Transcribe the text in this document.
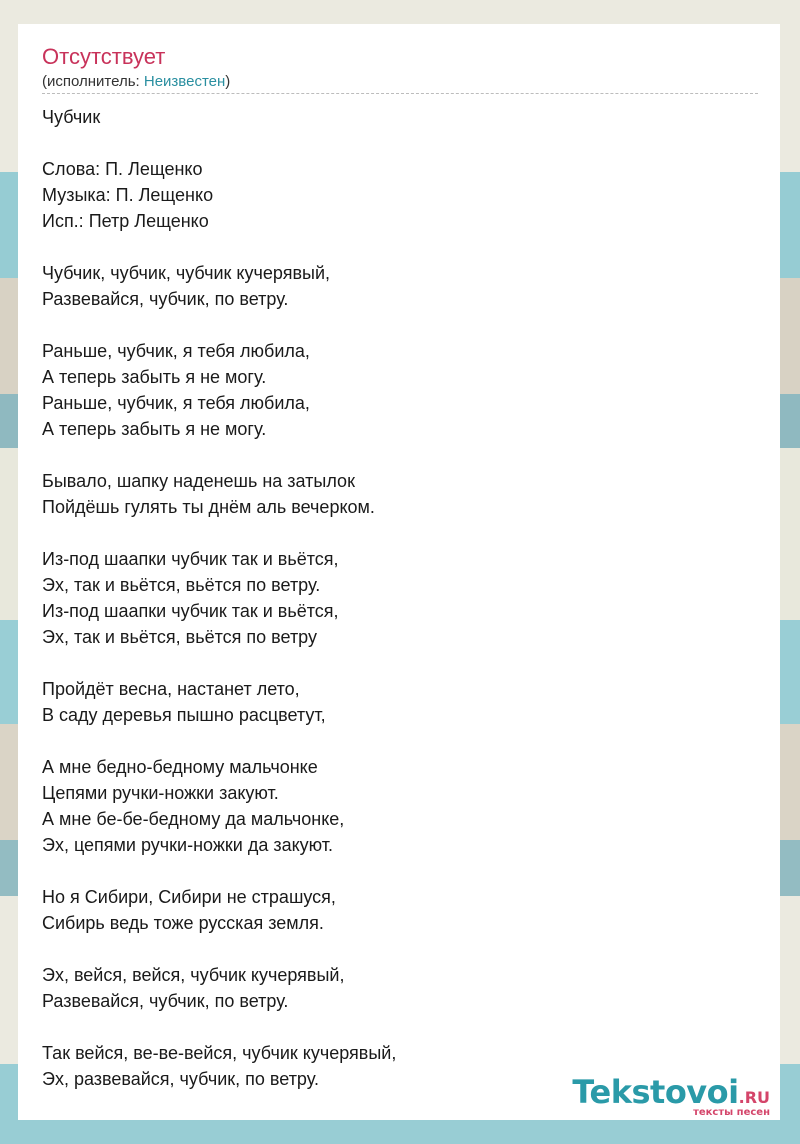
Отсутствует
(исполнитель: Неизвестен)
Чубчик
Слова: П. Лещенко
Музыка: П. Лещенко
Исп.: Петр Лещенко
Чубчик, чубчик, чубчик кучерявый,
Развевайся, чубчик, по ветру.
Раньше, чубчик, я тебя любила,
А теперь забыть я не могу.
Раньше, чубчик, я тебя любила,
А теперь забыть я не могу.
Бывало, шапку наденешь на затылок
Пойдёшь гулять ты днём аль вечерком.
Из-под шаапки чубчик так и вьётся,
Эх, так и вьётся, вьётся по ветру.
Из-под шаапки чубчик так и вьётся,
Эх, так и вьётся, вьётся по ветру
Пройдёт весна, настанет лето,
В саду деревья пышно расцветут,
А мне бедно-бедному мальчонке
Цепями ручки-ножки закуют.
А мне бе-бе-бедному да мальчонке,
Эх, цепями ручки-ножки да закуют.
Но я Сибири, Сибири не страшуся,
Сибирь ведь тоже русская земля.
Эх, вейся, вейся, чубчик кучерявый,
Развевайся, чубчик, по ветру.
Так вейся, ве-ве-вейся, чубчик кучерявый,
Эх, развевайся, чубчик, по ветру.	Tekstovoi.RU
тексты песен
